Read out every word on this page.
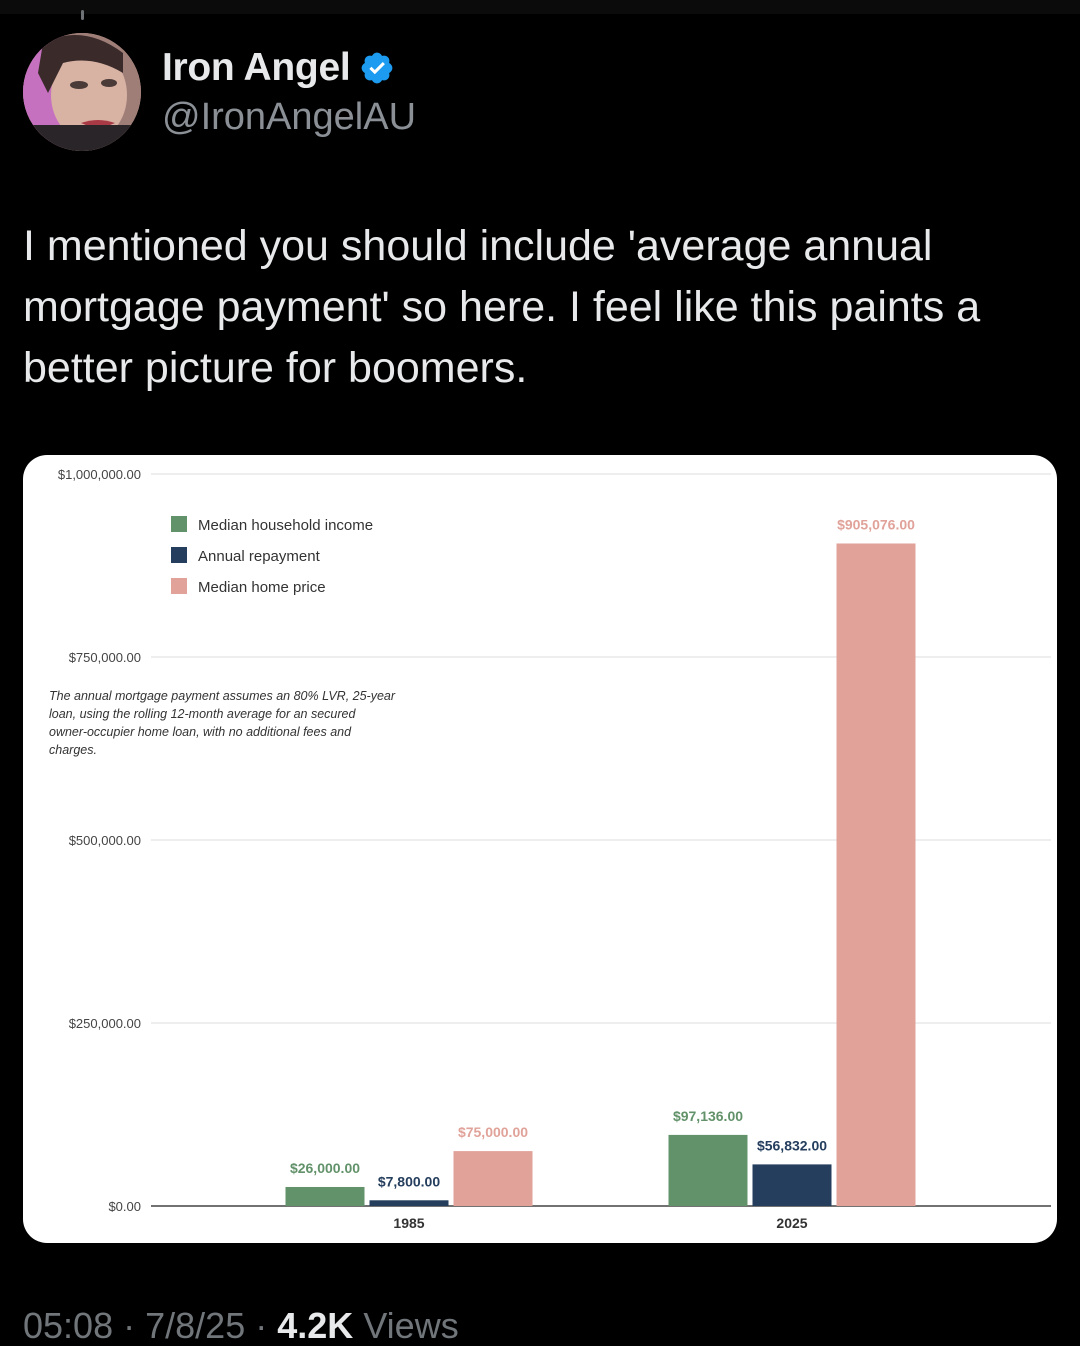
Iron Angel
@IronAngelAU
I mentioned you should include 'average annual mortgage payment' so here. I feel like this paints a better picture for boomers.
$0.00
$250,000.00
$500,000.00
$750,000.00
$1,000,000.00
$26,000.00
$7,800.00
$75,000.00
1985
$97,136.00
$56,832.00
$905,076.00
2025
Median household income
Annual repayment
Median home price
The annual mortgage payment assumes an 80% LVR, 25-year loan, using the rolling 12-month average for an secured owner-occupier home loan, with no additional fees and charges.
05:08 · 7/8/25 · 4.2K Views
